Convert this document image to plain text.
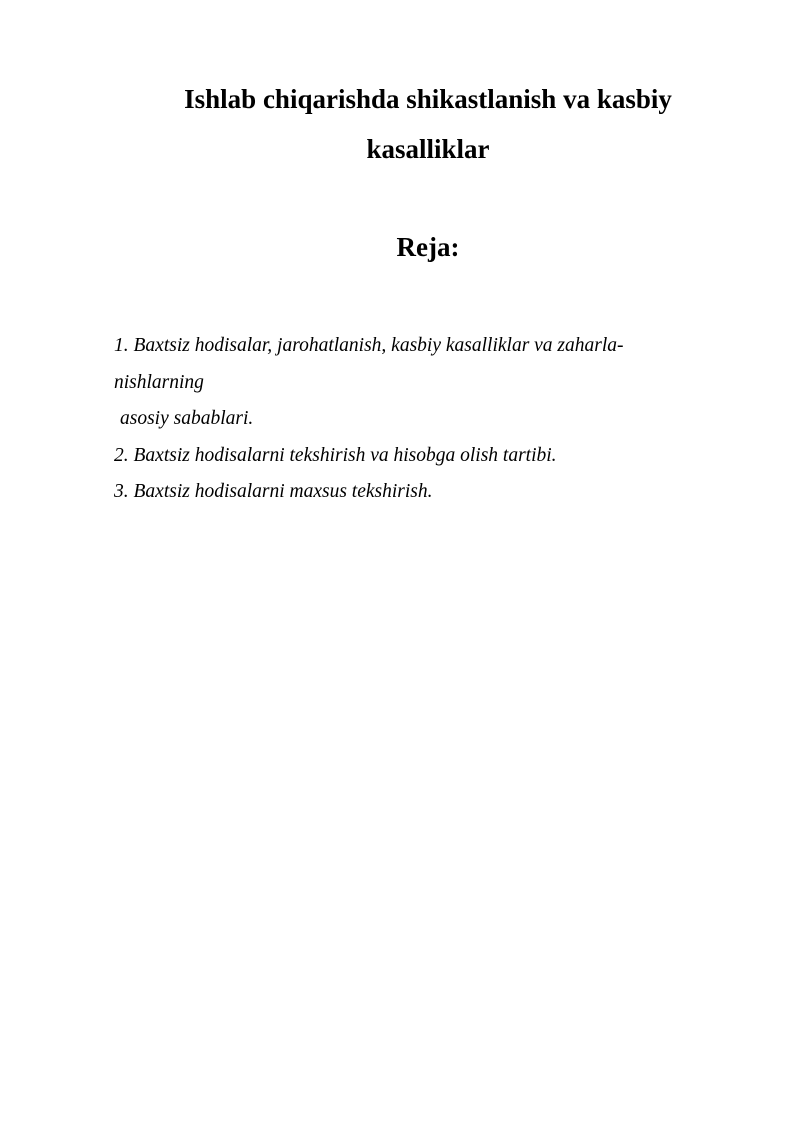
Ishlab chiqarishda shikastlanish va kasbiy
kasalliklar
Reja:
1. Baxtsiz hodisalar, jarohatlanish, kasbiy kasalliklar va zaharla-
nishlarning
asosiy sabablari.
2. Baxtsiz hodisalarni tekshirish va hisobga olish tartibi.
3. Baxtsiz hodisalarni maxsus tekshirish.
